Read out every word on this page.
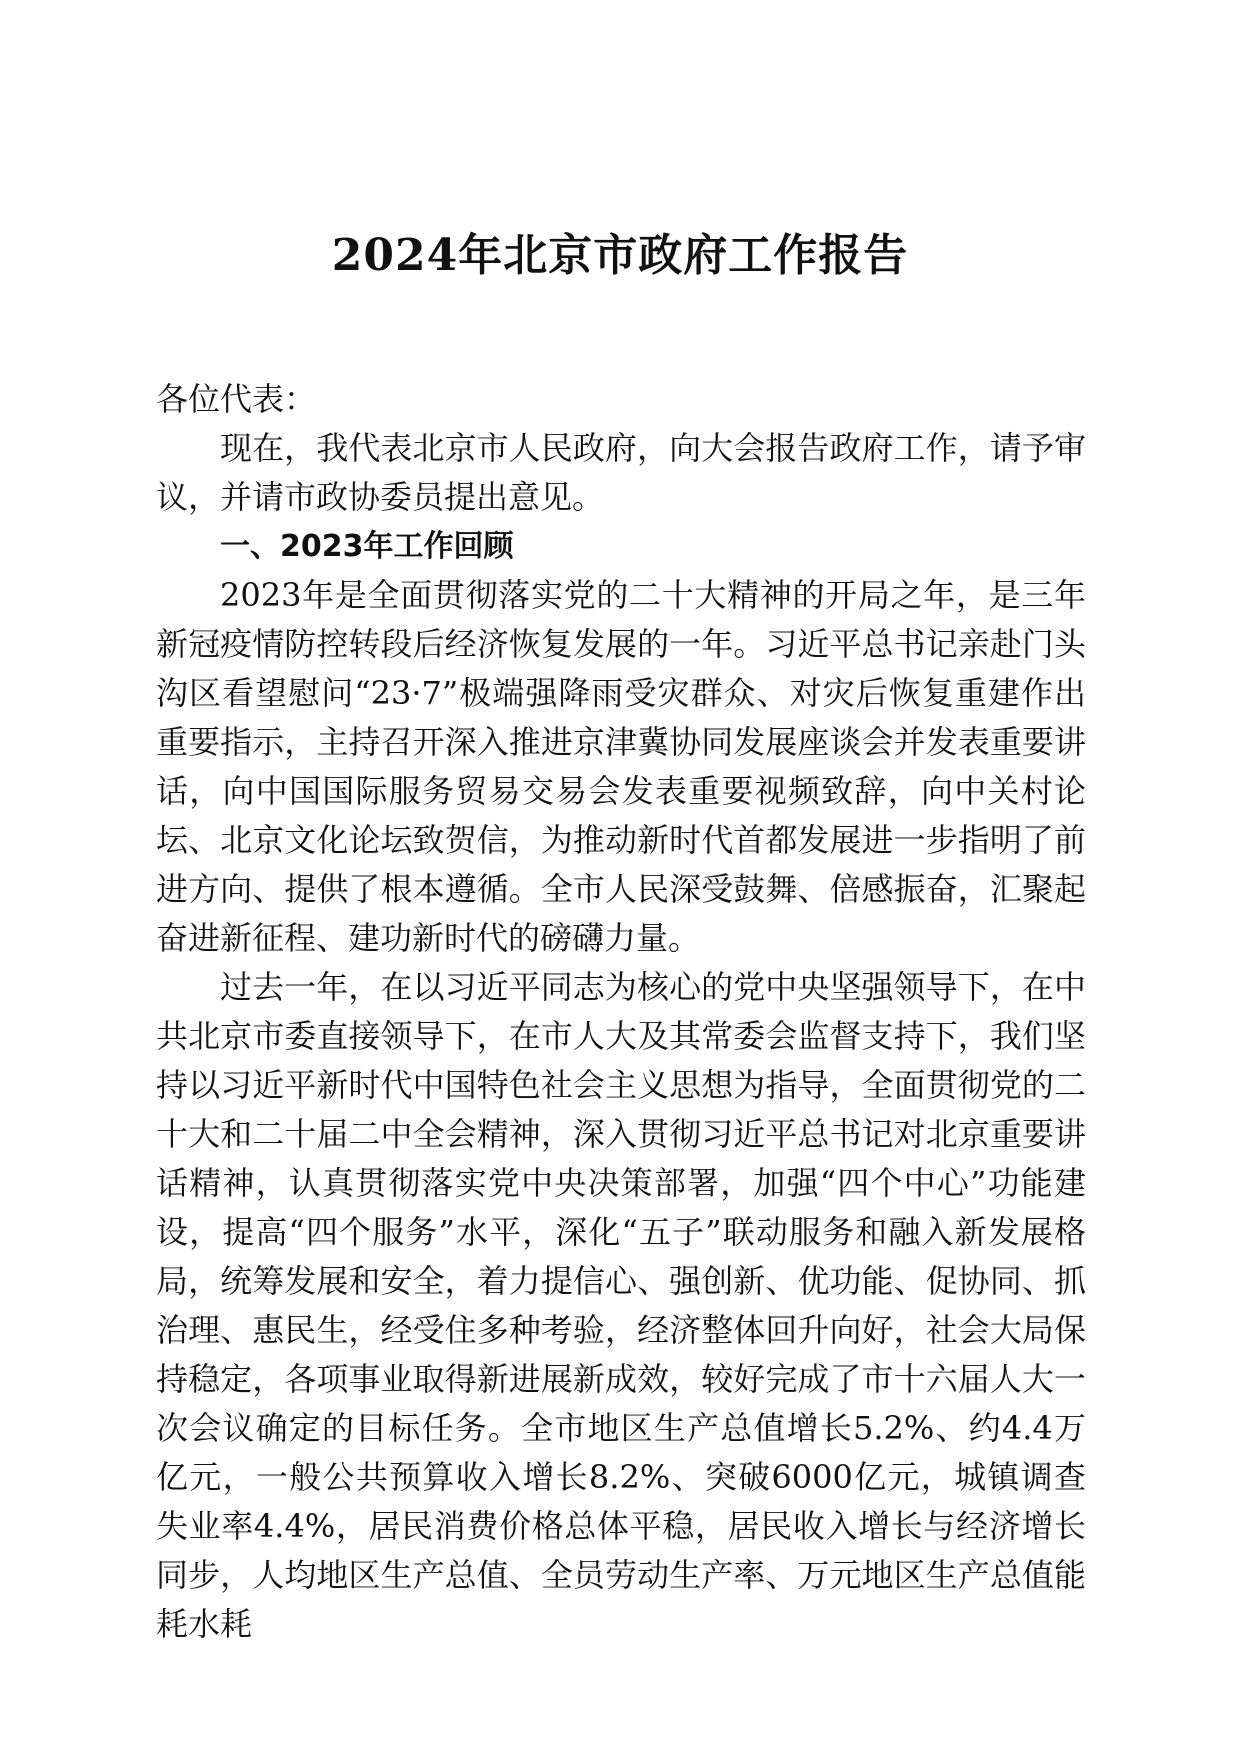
2024年北京市政府工作报告

各位代表：

现在，我代表北京市人民政府，向大会报告政府工作，请予审议，并请市政协委员提出意见。

一、2023年工作回顾

2023年是全面贯彻落实党的二十大精神的开局之年，是三年新冠疫情防控转段后经济恢复发展的一年。习近平总书记亲赴门头沟区看望慰问“23·7”极端强降雨受灾群众、对灾后恢复重建作出重要指示，主持召开深入推进京津冀协同发展座谈会并发表重要讲话，向中国国际服务贸易交易会发表重要视频致辞，向中关村论坛、北京文化论坛致贺信，为推动新时代首都发展进一步指明了前进方向、提供了根本遵循。全市人民深受鼓舞、倍感振奋，汇聚起奋进新征程、建功新时代的磅礴力量。

过去一年，在以习近平同志为核心的党中央坚强领导下，在中共北京市委直接领导下，在市人大及其常委会监督支持下，我们坚持以习近平新时代中国特色社会主义思想为指导，全面贯彻党的二十大和二十届二中全会精神，深入贯彻习近平总书记对北京重要讲话精神，认真贯彻落实党中央决策部署，加强“四个中心”功能建设，提高“四个服务”水平，深化“五子”联动服务和融入新发展格局，统筹发展和安全，着力提信心、强创新、优功能、促协同、抓治理、惠民生，经受住多种考验，经济整体回升向好，社会大局保持稳定，各项事业取得新进展新成效，较好完成了市十六届人大一次会议确定的目标任务。全市地区生产总值增长5.2%、约4.4万亿元，一般公共预算收入增长8.2%、突破6000亿元，城镇调查失业率4.4%，居民消费价格总体平稳，居民收入增长与经济增长同步，人均地区生产总值、全员劳动生产率、万元地区生产总值能耗水耗
